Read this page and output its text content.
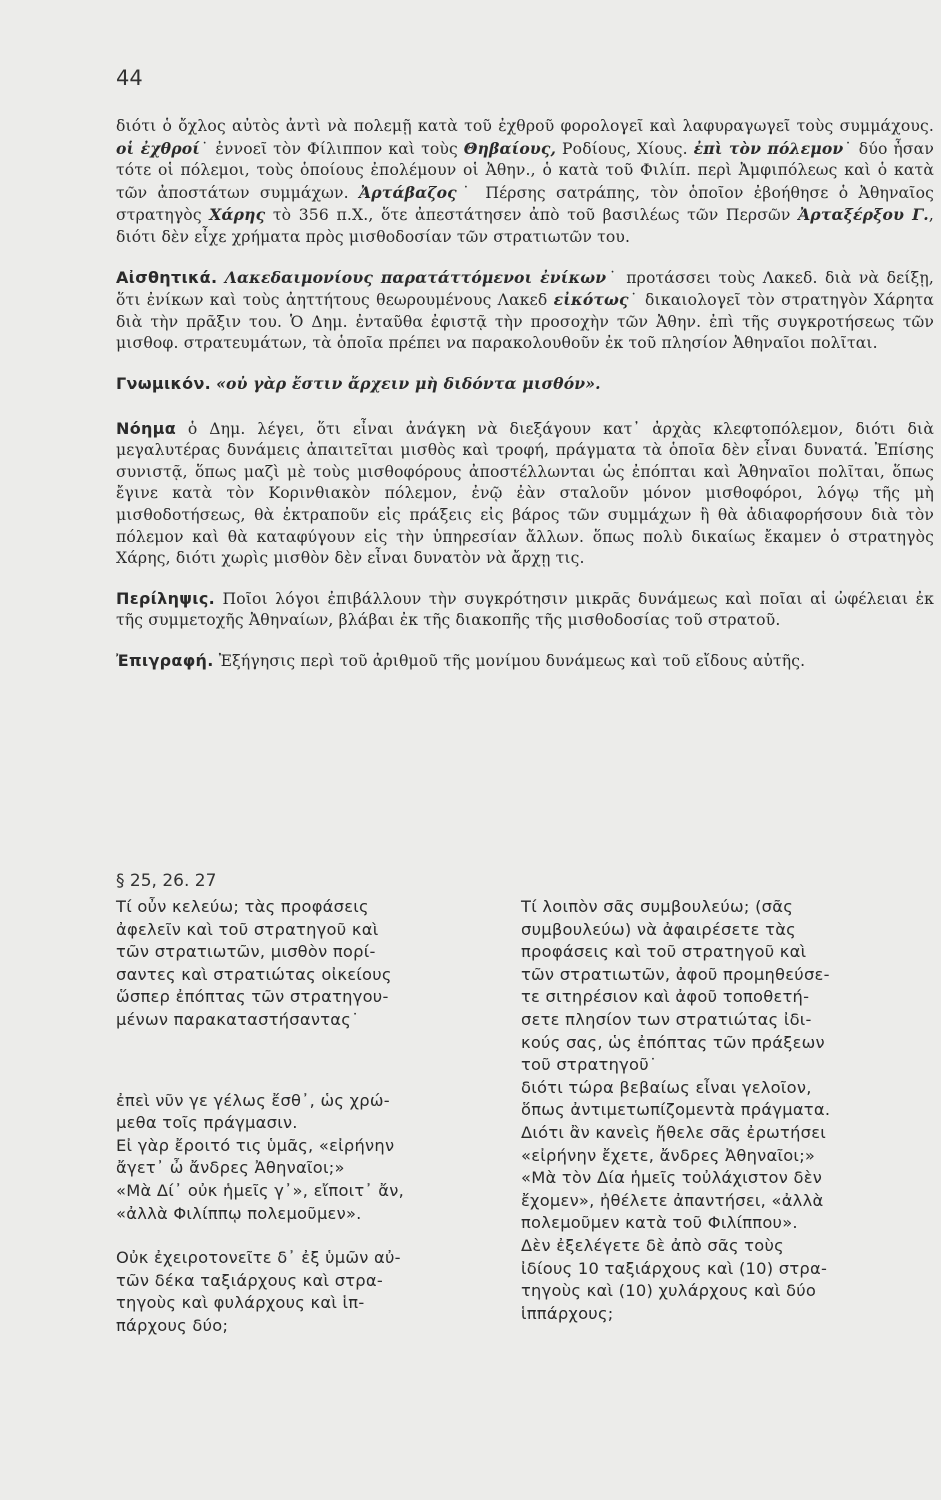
44

διότι ὁ ὄχλος αὐτὸς ἀντὶ νὰ πολεμῇ κατὰ τοῦ ἐχθροῦ φορολογεῖ καὶ λαφυραγωγεῖ τοὺς συμμάχους. οἱ ἐχθροί˙ ἐννοεῖ τὸν Φίλιππον καὶ τοὺς Θηβαίους, Ροδίους, Χίους. ἐπὶ τὸν πόλεμον˙ δύο ἦσαν τότε οἱ πόλεμοι, τοὺς ὁποίους ἐπολέμουν οἱ Ἀθην., ὁ κατὰ τοῦ Φιλίπ. περὶ Ἀμφιπόλεως καὶ ὁ κατὰ τῶν ἀποστάτων συμμάχων. Ἀρτάβαζος˙ Πέρσης σατράπης, τὸν ὁποῖον ἐβοήθησε ὁ Ἀθηναῖος στρατηγὸς Χάρης τὸ 356 π.Χ., ὅτε ἀπεστάτησεν ἀπὸ τοῦ βασιλέως τῶν Περσῶν Ἀρταξέρξου Γ., διότι δὲν εἶχε χρήματα πρὸς μισθοδοσίαν τῶν στρατιωτῶν του.

Αἰσθητικά. Λακεδαιμονίους παρατάττόμενοι ἐνίκων˙ προτάσσει τοὺς Λακεδ. διὰ νὰ δείξῃ, ὅτι ἐνίκων καὶ τοὺς ἀηττήτους θεωρουμένους Λακεδ εἰκότως˙ δικαιολογεῖ τὸν στρατηγὸν Χάρητα διὰ τὴν πρᾶξιν του. Ὁ Δημ. ἐνταῦθα ἐφιστᾷ τὴν προσοχὴν τῶν Ἀθην. ἐπὶ τῆς συγκροτήσεως τῶν μισθοφ. στρατευμάτων, τὰ ὁποῖα πρέπει να παρακολουθοῦν ἐκ τοῦ πλησίον Ἀθηναῖοι πολῖται.

Γνωμικόν. «οὐ γὰρ ἔστιν ἄρχειν μὴ διδόντα μισθόν».

Νόημα ὁ Δημ. λέγει, ὅτι εἶναι ἀνάγκη νὰ διεξάγουν κατ᾽ ἀρχὰς κλεφτοπόλεμον, διότι διὰ μεγαλυτέρας δυνάμεις ἀπαιτεῖται μισθὸς καὶ τροφή, πράγματα τὰ ὁποῖα δὲν εἶναι δυνατά. Ἐπίσης συνιστᾷ, ὅπως μαζὶ μὲ τοὺς μισθοφόρους ἀποστέλλωνται ὡς ἐπόπται καὶ Ἀθηναῖοι πολῖται, ὅπως ἔγινε κατὰ τὸν Κορινθιακὸν πόλεμον, ἐνῷ ἐὰν σταλοῦν μόνον μισθοφόροι, λόγῳ τῆς μὴ μισθοδοτήσεως, θὰ ἐκτραποῦν εἰς πράξεις εἰς βάρος τῶν συμμάχων ἢ θὰ ἀδιαφορήσουν διὰ τὸν πόλεμον καὶ θὰ καταφύγουν εἰς τὴν ὑπηρεσίαν ἄλλων. ὅπως πολὺ δικαίως ἔκαμεν ὁ στρατηγὸς Χάρης, διότι χωρὶς μισθὸν δὲν εἶναι δυνατὸν νὰ ἄρχῃ τις.

Περίληψις. Ποῖοι λόγοι ἐπιβάλλουν τὴν συγκρότησιν μικρᾶς δυνάμεως καὶ ποῖαι αἱ ὠφέλειαι ἐκ τῆς συμμετοχῆς Ἀθηναίων, βλάβαι ἐκ τῆς διακοπῆς τῆς μισθοδοσίας τοῦ στρατοῦ.

Ἐπιγραφή. Ἐξήγησις περὶ τοῦ ἀριθμοῦ τῆς μονίμου δυνάμεως καὶ τοῦ εἴδους αὐτῆς.

§ 25, 26. 27
Τί οὖν κελεύω; τὰς προφάσεις
ἀφελεῖν καὶ τοῦ στρατηγοῦ καὶ
τῶν στρατιωτῶν, μισθὸν πορί-
σαντες καὶ στρατιώτας οἰκείους
ὥσπερ ἐπόπτας τῶν στρατηγου-
μένων παρακαταστήσαντας˙
ἐπεὶ νῦν γε γέλως ἔσθ᾽, ὡς χρώ-
μεθα τοῖς πράγμασιν.
Εἰ γὰρ ἔροιτό τις ὑμᾶς, «εἰρήνην
ἄγετ᾽ ὦ ἄνδρες Ἀθηναῖοι;»
«Μὰ Δί᾽ οὐκ ἡμεῖς γ᾽», εἴποιτ᾽ ἄν,
«ἀλλὰ Φιλίππῳ πολεμοῦμεν».
Οὐκ ἐχειροτονεῖτε δ᾽ ἐξ ὑμῶν αὐ-
τῶν δέκα ταξιάρχους καὶ στρα-
τηγοὺς καὶ φυλάρχους καὶ ἱπ-
πάρχους δύο;
Τί λοιπὸν σᾶς συμβουλεύω; (σᾶς
συμβουλεύω) νὰ ἀφαιρέσετε τὰς
προφάσεις καὶ τοῦ στρατηγοῦ καὶ
τῶν στρατιωτῶν, ἀφοῦ προμηθεύσε-
τε σιτηρέσιον καὶ ἀφοῦ τοποθετή-
σετε πλησίον των στρατιώτας ἰδι-
κούς σας, ὡς ἐπόπτας τῶν πράξεων
τοῦ στρατηγοῦ˙
διότι τώρα βεβαίως εἶναι γελοῖον,
ὅπως ἀντιμετωπίζομεντὰ πράγματα.
Διότι ἂν κανεὶς ἤθελε σᾶς ἐρωτήσει
«εἰρήνην ἔχετε, ἄνδρες Ἀθηναῖοι;»
«Μὰ τὸν Δία ἡμεῖς τοὐλάχιστον δὲν
ἔχομεν», ἠθέλετε ἀπαντήσει, «ἀλλὰ
πολεμοῦμεν κατὰ τοῦ Φιλίππου».
Δὲν ἐξελέγετε δὲ ἀπὸ σᾶς τοὺς
ἰδίους 10 ταξιάρχους καὶ (10) στρα-
τηγοὺς καὶ (10) χυλάρχους καὶ δύο
ἱππάρχους;
